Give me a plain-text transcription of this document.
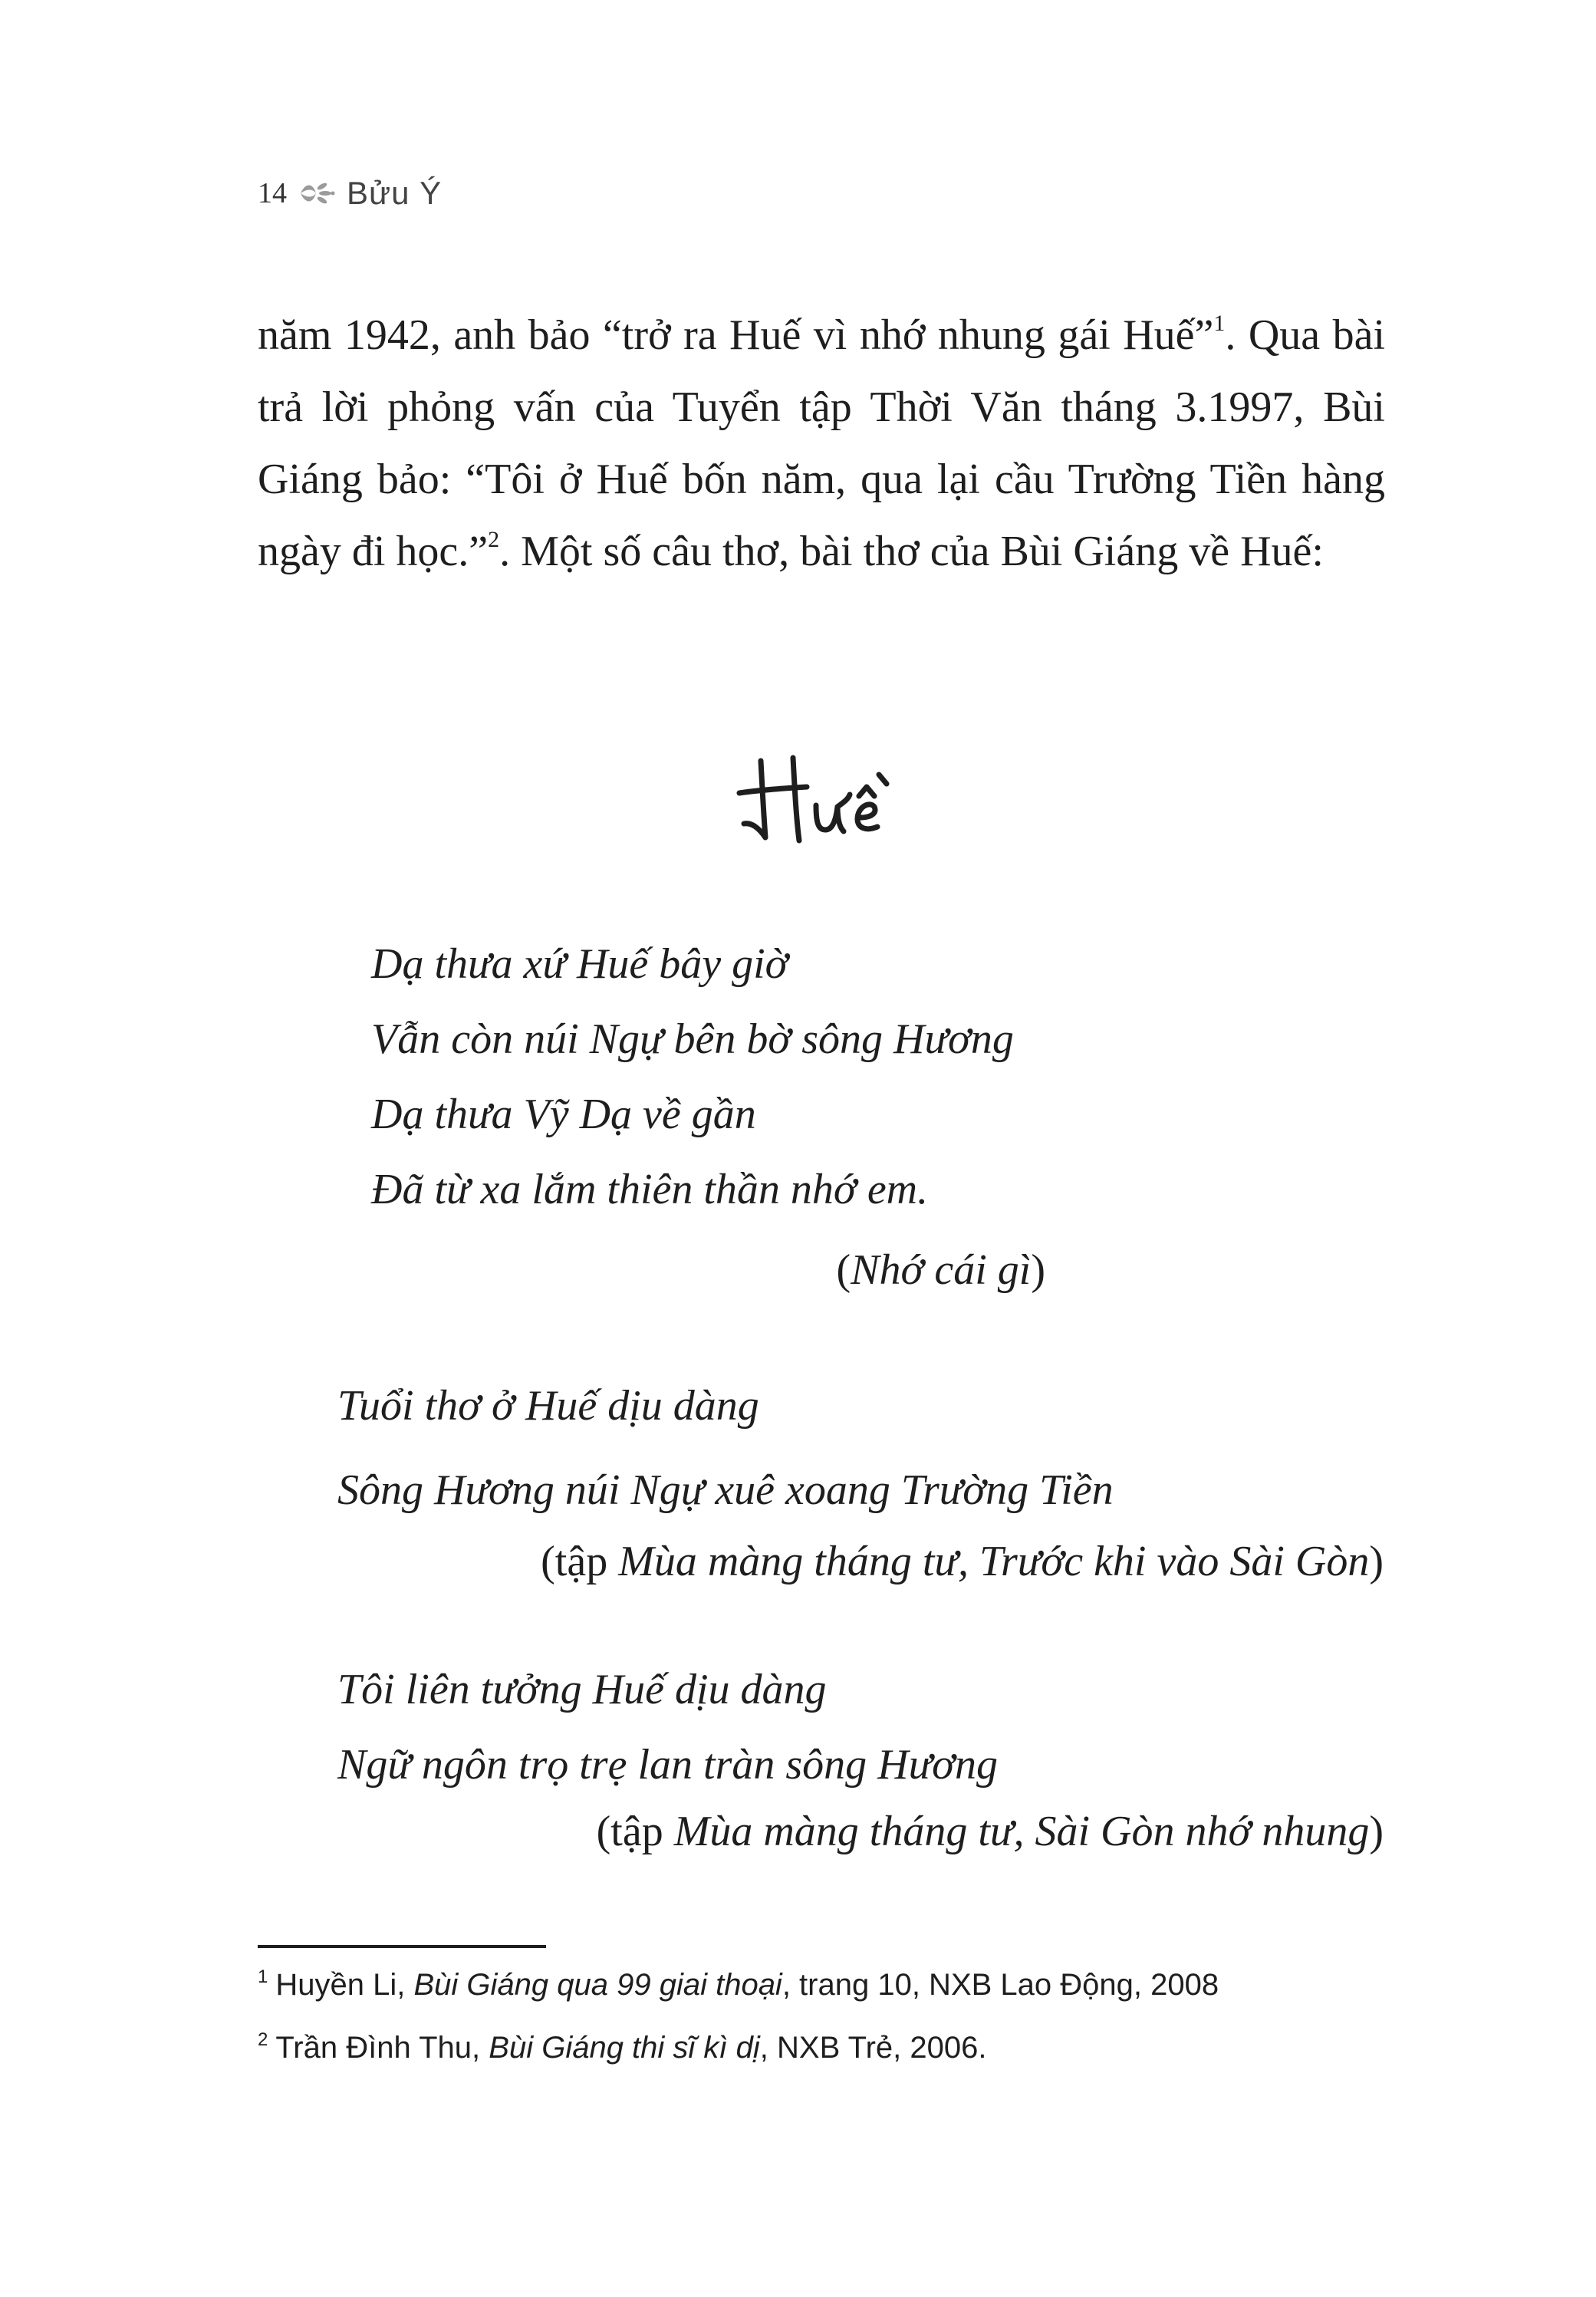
14 Bửu Ý

năm 1942, anh bảo “trở ra Huế vì nhớ nhung gái Huế”$^1$. Qua bài trả lời phỏng vấn của Tuyển tập Thời Văn tháng 3.1997, Bùi Giáng bảo: “Tôi ở Huế bốn năm, qua lại cầu Trường Tiền hàng ngày đi học.”$^2$. Một số câu thơ, bài thơ của Bùi Giáng về Huế:

Dạ thưa xứ Huế bây giờ
Vẫn còn núi Ngự bên bờ sông Hương
Dạ thưa Vỹ Dạ về gần
Đã từ xa lắm thiên thần nhớ em.
(Nhớ cái gì)
Tuổi thơ ở Huế dịu dàng
Sông Hương núi Ngự xuê xoang Trường Tiền
(tập Mùa màng tháng tư, Trước khi vào Sài Gòn)
Tôi liên tưởng Huế dịu dàng
Ngữ ngôn trọ trẹ lan tràn sông Hương
(tập Mùa màng tháng tư, Sài Gòn nhớ nhung)
$^1$ Huyền Li, Bùi Giáng qua 99 giai thoại, trang 10, NXB Lao Động, 2008
$^2$ Trần Đình Thu, Bùi Giáng thi sĩ kì dị, NXB Trẻ, 2006.
